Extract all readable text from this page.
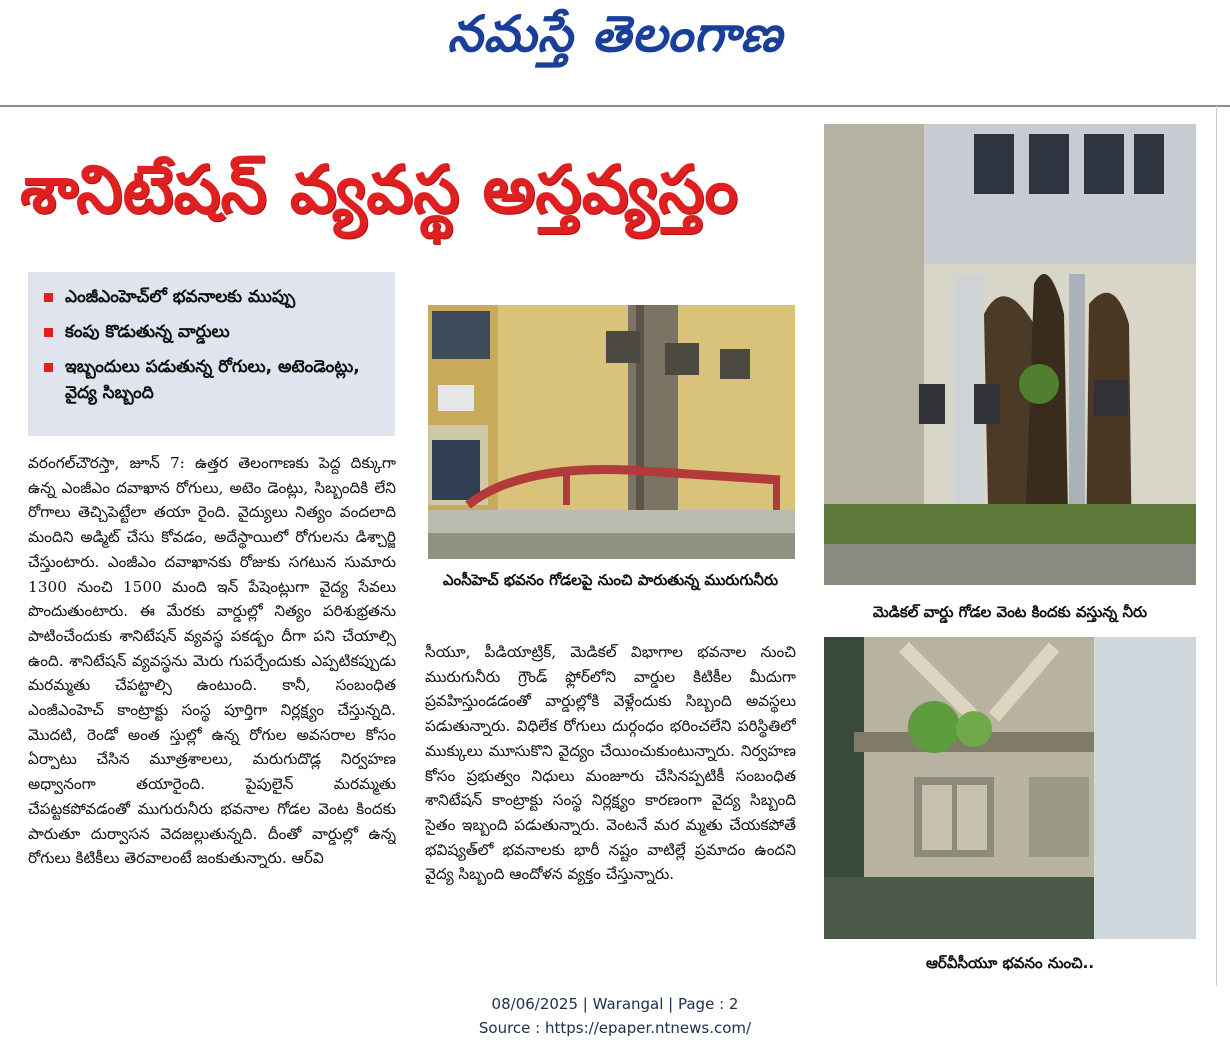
నమస్తే తెలంగాణ
శానిటేషన్ వ్యవస్థ అస్తవ్యస్తం
ఎంజీఎంహెచ్‌లో భవనాలకు ముప్పు
కంపు కొడుతున్న వార్డులు
ఇబ్బందులు పడుతున్న రోగులు, అటెండెంట్లు, వైద్య సిబ్బంది
వరంగల్‌చౌరస్తా, జూన్ 7: ఉత్తర తెలంగాణకు పెద్ద దిక్కుగా ఉన్న ఎంజీఎం దవాఖాన రోగులు, అటెం డెంట్లు, సిబ్బందికి లేని రోగాలు తెచ్చిపెట్టేలా తయా రైంది. వైద్యులు నిత్యం వందలాది మందిని అడ్మిట్ చేసు కోవడం, అదేస్థాయిలో రోగులను డిశ్చార్జి చేస్తుంటారు. ఎంజీఎం దవాఖానకు రోజుకు సగటున సుమారు 1300 నుంచి 1500 మంది ఇన్ పేషెంట్లుగా వైద్య సేవలు పొందుతుంటారు. ఈ మేరకు వార్డుల్లో నిత్యం పరిశుభ్రతను పాటించేందుకు శానిటేషన్ వ్యవస్థ పకడ్బం దీగా పని చేయాల్సి ఉంది. శానిటేషన్ వ్యవస్థను మెరు గుపర్చేందుకు ఎప్పటికప్పుడు మరమ్మతు చేపట్టాల్సి ఉంటుంది. కానీ, సంబంధిత ఎంజీఎంహెచ్ కాంట్రాక్టు సంస్థ పూర్తిగా నిర్లక్ష్యం చేస్తున్నది. మొదటి, రెండో అంత స్తుల్లో ఉన్న రోగుల అవసరాల కోసం ఏర్పాటు చేసిన మూత్రశాలలు, మరుగుదొడ్ల నిర్వహణ అధ్వానంగా తయారైంది. పైపులైన్ మరమ్మతు చేపట్టకపోవడంతో ముగురునీరు భవనాల గోడల వెంట కిందకు పారుతూ దుర్వాసన వెదజల్లుతున్నది. దీంతో వార్డుల్లో ఉన్న రోగులు కిటికీలు తెరవాలంటే జంకుతున్నారు. ఆర్‌వి
ఎంసీహెచ్ భవనం గోడలపై నుంచి పారుతున్న మురుగునీరు
మెడికల్ వార్డు గోడల వెంట కిందకు వస్తున్న నీరు
సీయూ, పీడియాట్రిక్, మెడికల్ విభాగాల భవనాల నుంచి మురుగునీరు గ్రౌండ్ ఫ్లోర్‌లోని వార్డుల కిటికీల మీదుగా ప్రవహిస్తుండడంతో వార్డుల్లోకి వెళ్లేందుకు సిబ్బంది అవస్థలు పడుతున్నారు. విధిలేక రోగులు దుర్గంధం భరించలేని పరిస్థితిలో ముక్కులు మూసుకొని వైద్యం చేయించుకుంటున్నారు. నిర్వహణ కోసం ప్రభుత్వం నిధులు మంజూరు చేసినప్పటికీ సంబంధిత శానిటేషన్ కాంట్రాక్టు సంస్థ నిర్లక్ష్యం కారణంగా వైద్య సిబ్బంది సైతం ఇబ్బంది పడుతున్నారు. వెంటనే మర మ్మతు చేయకపోతే భవిష్యత్‌లో భవనాలకు భారీ నష్టం వాటిల్లే ప్రమాదం ఉందని వైద్య సిబ్బంది ఆందోళన వ్యక్తం చేస్తున్నారు.
ఆర్‌వీసీయూ భవనం నుంచి..
08/06/2025 | Warangal | Page : 2
Source : https://epaper.ntnews.com/
